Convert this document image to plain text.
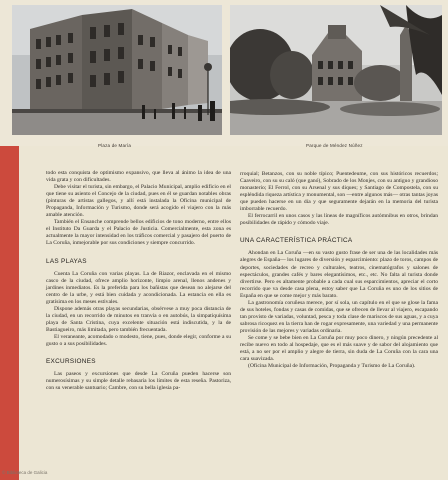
Plaza de María	Parque de Méndez Núñez

todo esta conquista de optimismo expansivo, que lleva al ánimo la idea de una vida grata y con dificultades.

Debe visitar el turista, sin embargo, el Palacio Municipal, amplio edificio en el que tiene su asiento el Concejo de la ciudad, pues en él se guardan notables obras (pinturas de artistas gallegos, y allí está instalada la Oficina municipal de Propaganda, Información y Turismo, donde será acogido el viajero con la más amable atención.

También el Ensanche comprende bellos edificios de tono moderno, entre ellos el Instituto Da Guarda y el Palacio de Justicia. Comercialmente, esta zona es actualmente la mayor intensidad en los tráficos comercial y pasajero del puerto de La Coruña, inmejorable por sus condiciones y siempre concurrido.

LAS PLAYAS

Cuenta La Coruña con varias playas. La de Riazor, enclavada en el mismo casco de la ciudad, ofrece amplio horizonte, limpio arenal, llenos andenes y jardines inmediatos. Es la preferida para los bañistas que desean no alejarse del centro de la urbe, y está bien cuidada y acondicionada. La estancia en ella es gratísima en los meses estivales.

Dispone además otras playas secundarias, obsérvese a muy poca distancia de la ciudad, en un recorrido de minutos en tranvía o en autobús, la simpatiquísima playa de Santa Cristina, cuya excelente situación está indiscutida, y la de Bastiagueiro, más limitada, pero también frecuentada.

El veraneante, acomodado o modesto, tiene, pues, donde elegir, conforme a su gusto o a sus posibilidades.

EXCURSIONES

Las paseos y excursiones que desde La Coruña pueden hacerse son numerosísimas y su simple detalle rebasaría los límites de esta reseña. Pastoriza, con su venerable santuario; Cambre, con su bella iglesia pa-

rroquial; Betanzos, con su noble típico; Puentedeume, con sus históricos recuerdos; Caaveiro, con su su caló (que ganó), Sobrado de los Monjes, con su antiguo y grandioso monasterio; El Ferrol, con su Arsenal y sus diques; y Santiago de Compostela, con su espléndida riqueza artística y monumental, son —entre algunos más— otras tantas joyas que pueden hacerse en un día y que seguramente dejarán en la memoria del turista imborrable recuerdo.

El ferrocarril en unos casos y las líneas de magníficos autómnibus en otros, brindan posibilidades de rápido y cómodo viaje.

UNA CARACTERÍSTICA PRÁCTICA

Ahondan en La Coruña —en su vasto gusto frase de ser una de las localidades más alegres de España— los lugares de diversión y esparcimiento: plazo de toros, campos de deportes, sociedades de recreo y culturales, teatros, cinematógrafos y salones de espectáculos, grandes cafés y bares elegantísimos, etc., etc. No falta al turista donde divertirse. Pero es altamente probable a cada cual sus esparcimientos, apreciar el corto recorrido que va desde casa plena, estoy saber que La Coruña es uno de los sitios de España en que se come mejor y más barato.

La gastronomía coruñesa merece, por sí sola, un capítulo en el que se glose la fama de sus hoteles, fondas y casas de comidas, que se ofrecen de llevar al viajero, escapando tan provisto de variadas, voluntad, pesca y toda clase de mariscos de sus aguas, y a cuya sabrosa ricoquez en la tierra han de rogar expresamente, una variedad y una permanente provisión de las mejores y variadas ordinaria.

Se come y se bebe bien en La Coruña por muy poco dinero, y ningún precedente al recibe nuevo en todo al hospedaje, que es el más suave y de sabor del alojamiento que está, a no ser por el amplio y alegre de tierra, sin duda de La Coruña con la cara una cara suavizada.

(Oficina Municipal de Información, Propaganda y Turismo de La Coruña).

© Biblioteca de Galicia
